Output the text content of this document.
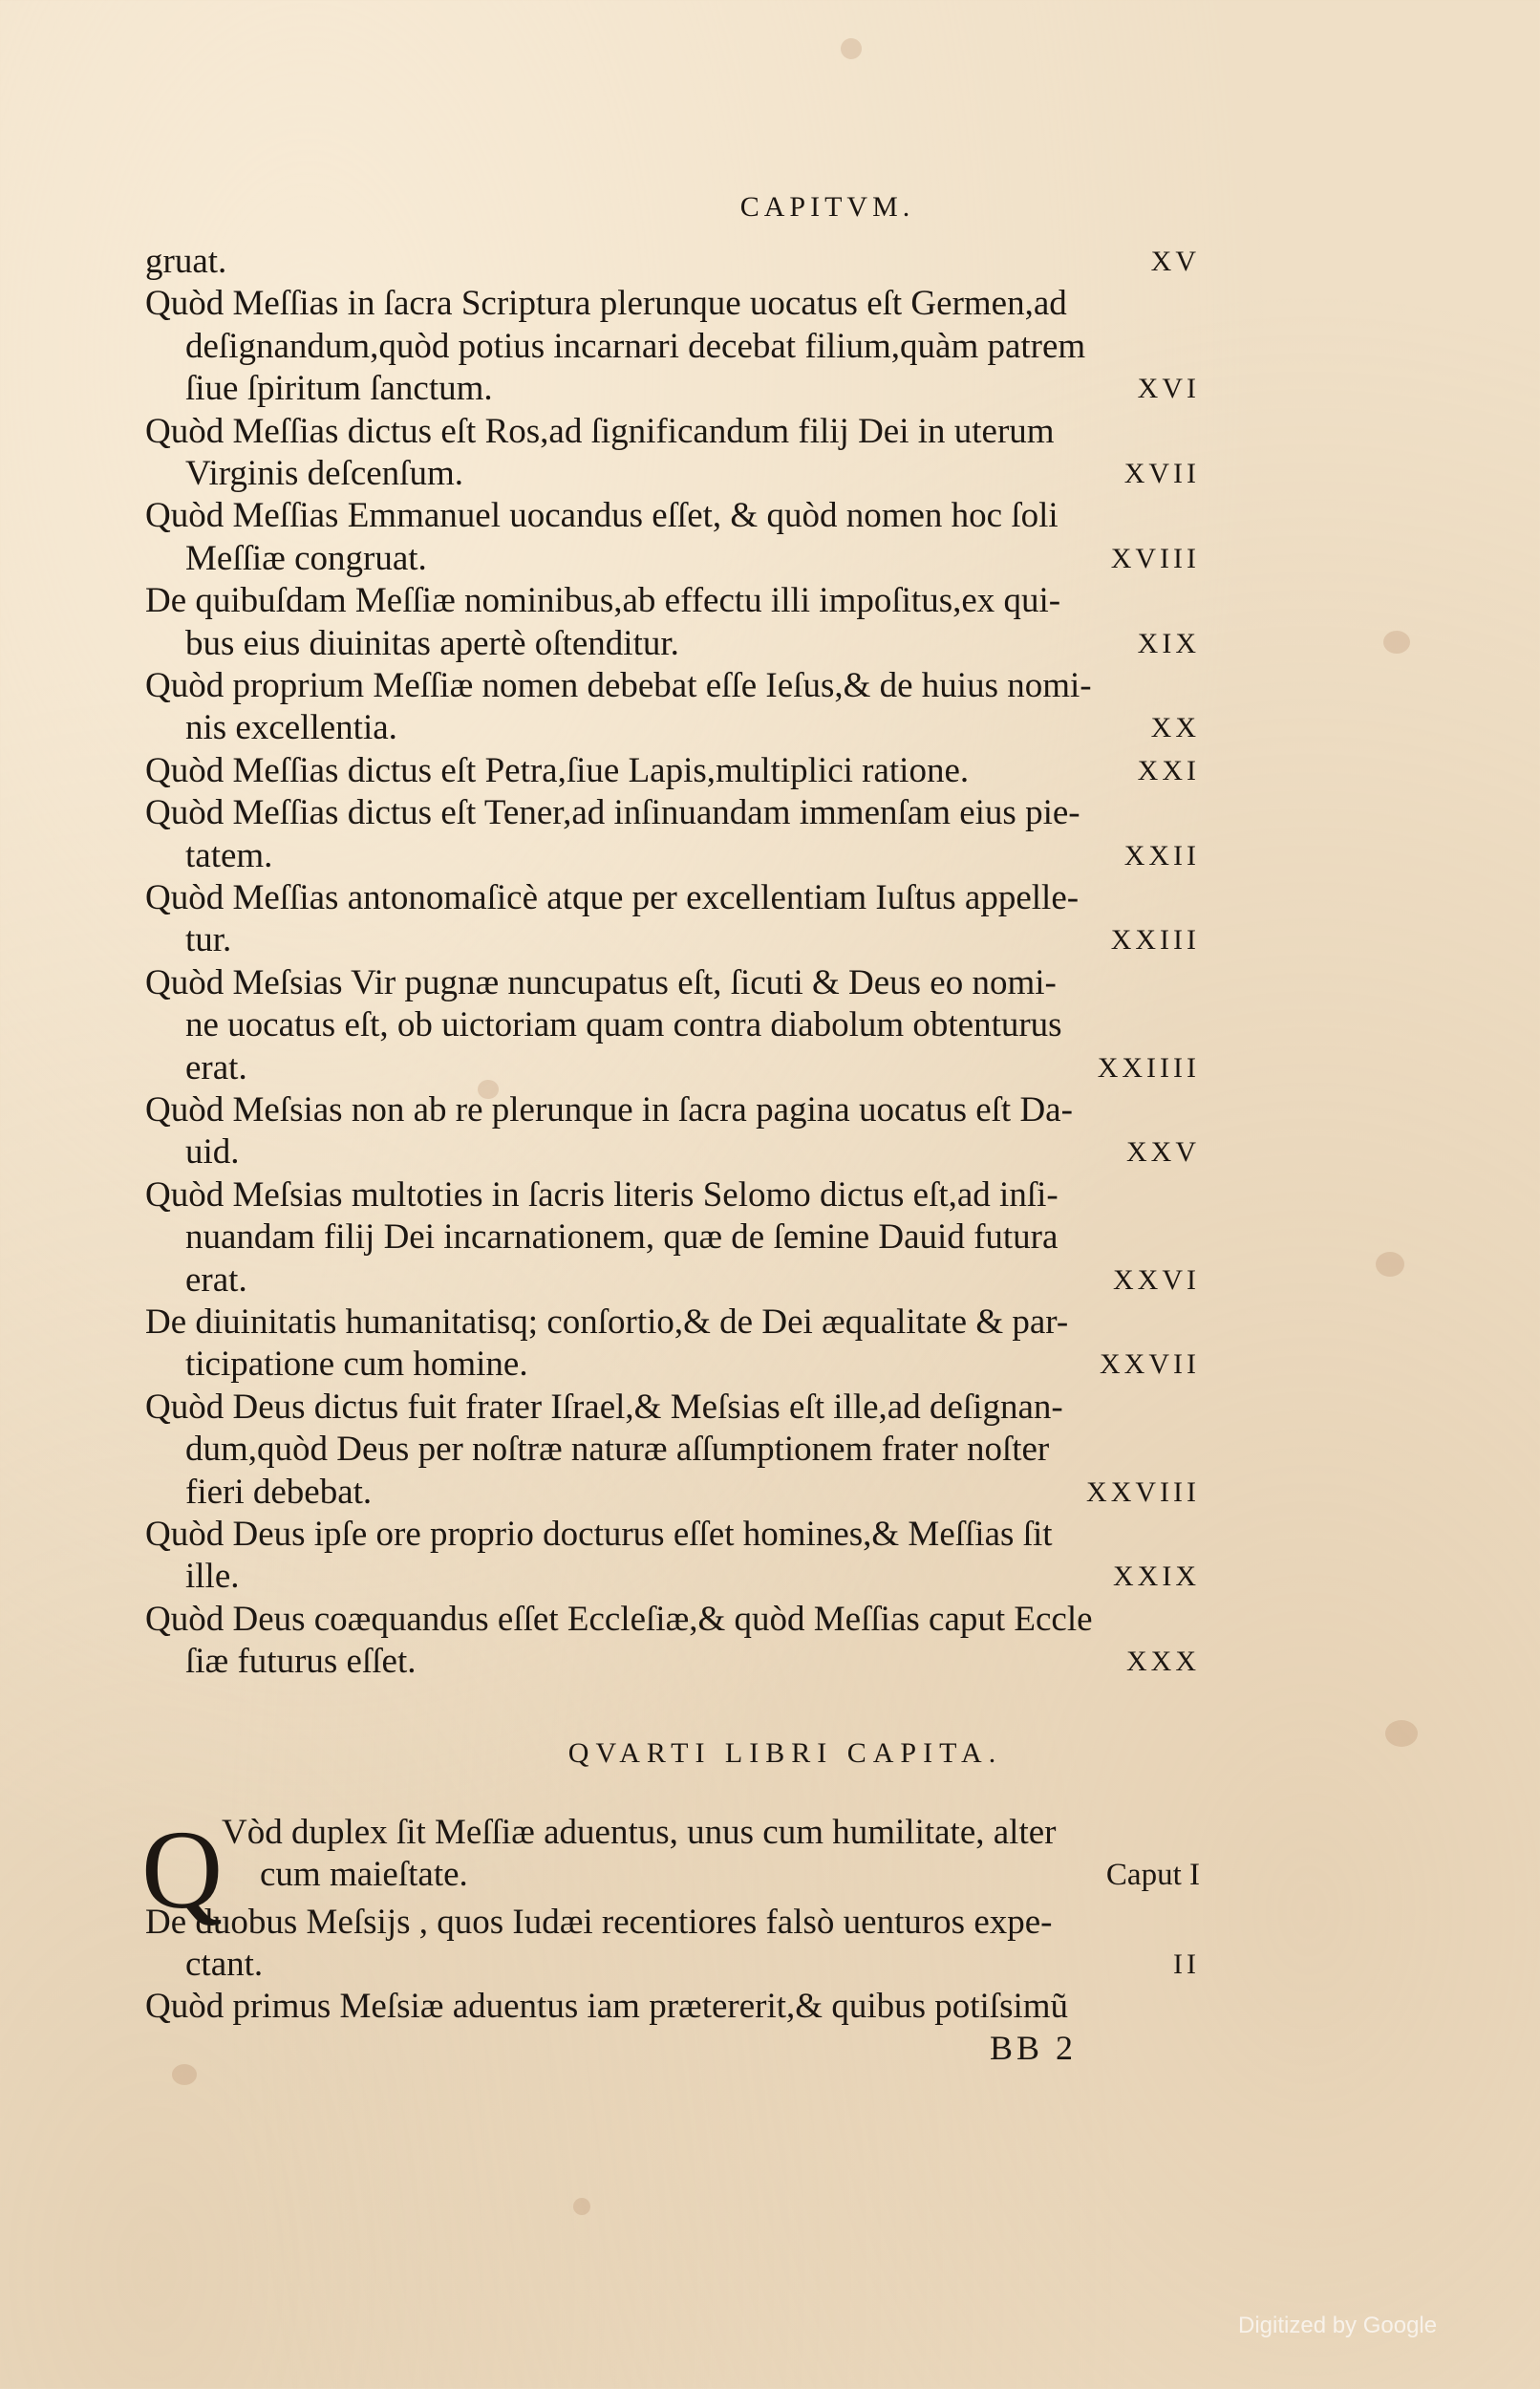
CAPITVM.
gruat.	XV
Quòd Meſſias in ſacra Scriptura plerunque uocatus eſt Germen,ad
deſignandum,quòd potius incarnari decebat filium,quàm patrem
ſiue ſpiritum ſanctum.	XVI
Quòd Meſſias dictus eſt Ros,ad ſignificandum filij Dei in uterum
Virginis deſcenſum.	XVII
Quòd Meſſias Emmanuel uocandus eſſet, & quòd nomen hoc ſoli
Meſſiæ congruat.	XVIII
De quibuſdam Meſſiæ nominibus,ab effectu illi impoſitus,ex qui-
bus eius diuinitas apertè oſtenditur.	XIX
Quòd proprium Meſſiæ nomen debebat eſſe Ieſus,& de huius nomi-
nis excellentia.	XX
Quòd Meſſias dictus eſt Petra,ſiue Lapis,multiplici ratione.	XXI
Quòd Meſſias dictus eſt Tener,ad inſinuandam immenſam eius pie-
tatem.	XXII
Quòd Meſſias antonomaſicè atque per excellentiam Iuſtus appelle-
tur.	XXIII
Quòd Meſsias Vir pugnæ nuncupatus eſt, ſicuti & Deus eo nomi-
ne uocatus eſt, ob uictoriam quam contra diabolum obtenturus
erat.	XXIIII
Quòd Meſsias non ab re plerunque in ſacra pagina uocatus eſt Da-
uid.	XXV
Quòd Meſsias multoties in ſacris literis Selomo dictus eſt,ad inſi-
nuandam filij Dei incarnationem, quæ de ſemine Dauid futura
erat.	XXVI
De diuinitatis humanitatisq; conſortio,& de Dei æqualitate & par-
ticipatione cum homine.	XXVII
Quòd Deus dictus fuit frater Iſrael,& Meſsias eſt ille,ad deſignan-
dum,quòd Deus per noſtræ naturæ aſſumptionem frater noſter
fieri debebat.	XXVIII
Quòd Deus ipſe ore proprio docturus eſſet homines,& Meſſias ſit
ille.	XXIX
Quòd Deus coæquandus eſſet Eccleſiæ,& quòd Meſſias caput Eccle
ſiæ futurus eſſet.	XXX
QVARTI LIBRI CAPITA.
Q
Vòd duplex ſit Meſſiæ aduentus, unus cum humilitate, alter
cum maieſtate.	Caput I
De duobus Meſsijs , quos Iudæi recentiores falsò uenturos expe-
ctant.	II
Quòd primus Meſsiæ aduentus iam prætererit,& quibus potiſsimũ
BB 2
Digitized by Google
